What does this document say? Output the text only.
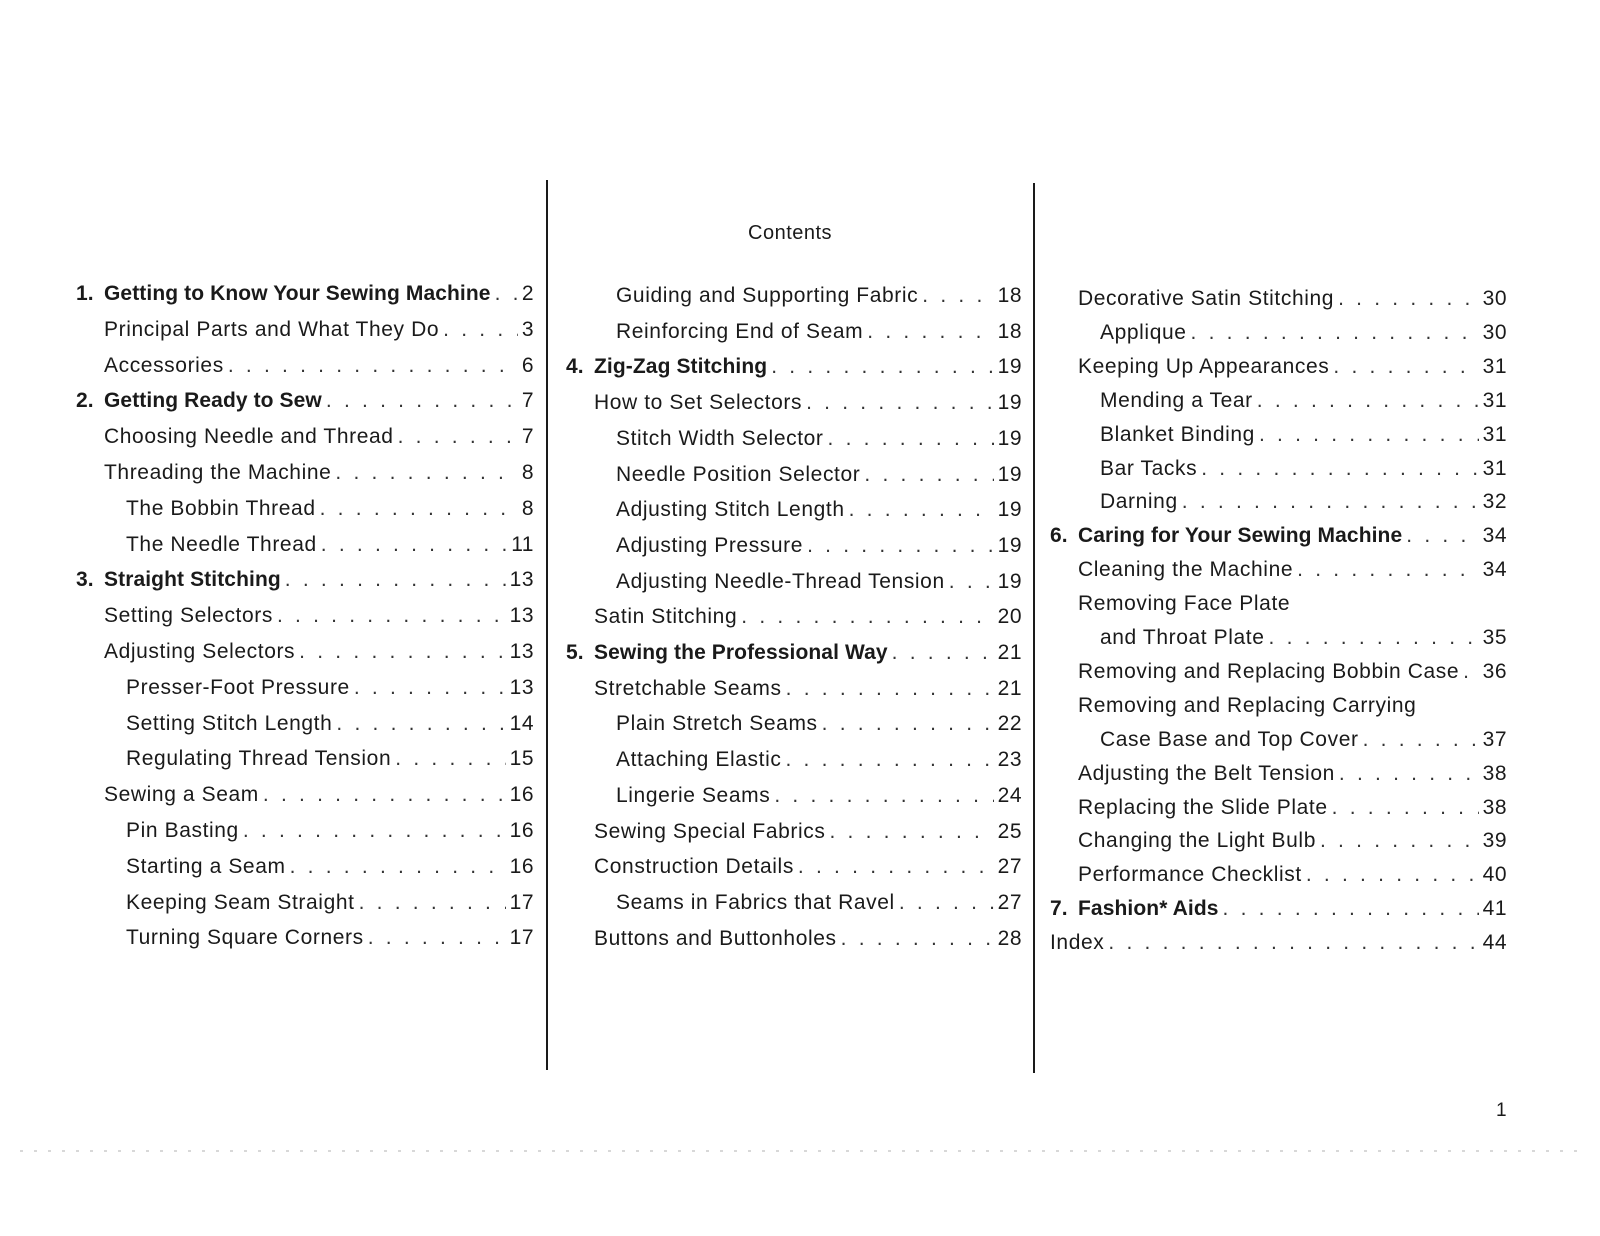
Contents
1. Getting to Know Your Sewing Machine . . . 2
Principal Parts and What They Do . . .	3
Accessories . . .	6
2. Getting Ready to Sew . . .	7
Choosing Needle and Thread . . .	7
Threading the Machine . . .	8
The Bobbin Thread . . .	8
The Needle Thread . . .	11
3. Straight Stitching . . .	13
Setting Selectors . . .	13
Adjusting Selectors . . .	13
Presser-Foot Pressure . . .	13
Setting Stitch Length . . .	14
Regulating Thread Tension . . .	15
Sewing a Seam . . .	16
Pin Basting . . .	16
Starting a Seam . . .	16
Keeping Seam Straight . . .	17
Turning Square Corners . . .	17
Guiding and Supporting Fabric . . .	18
Reinforcing End of Seam . . .	18
4. Zig-Zag Stitching . . .	19
How to Set Selectors . . .	19
Stitch Width Selector . . .	19
Needle Position Selector . . .	19
Adjusting Stitch Length . . .	19
Adjusting Pressure . . .	19
Adjusting Needle-Thread Tension . . .	19
Satin Stitching . . .	20
5. Sewing the Professional Way . . .	21
Stretchable Seams . . .	21
Plain Stretch Seams . . .	22
Attaching Elastic . . .	23
Lingerie Seams . . .	24
Sewing Special Fabrics . . .	25
Construction Details . . .	27
Seams in Fabrics that Ravel . . .	27
Buttons and Buttonholes . . .	28
Decorative Satin Stitching . . .	30
Applique . . .	30
Keeping Up Appearances . . .	31
Mending a Tear . . .	31
Blanket Binding . . .	31
Bar Tacks . . .	31
Darning . . .	32
6. Caring for Your Sewing Machine . . .	34
Cleaning the Machine . . .	34
Removing Face Plate
and Throat Plate . . .	35
Removing and Replacing Bobbin Case . . . 36
Removing and Replacing Carrying
Case Base and Top Cover . . .	37
Adjusting the Belt Tension . . .	38
Replacing the Slide Plate . . .	38
Changing the Light Bulb . . .	39
Performance Checklist . . .	40
7. Fashion* Aids . . .	41
Index . . .	44
1
